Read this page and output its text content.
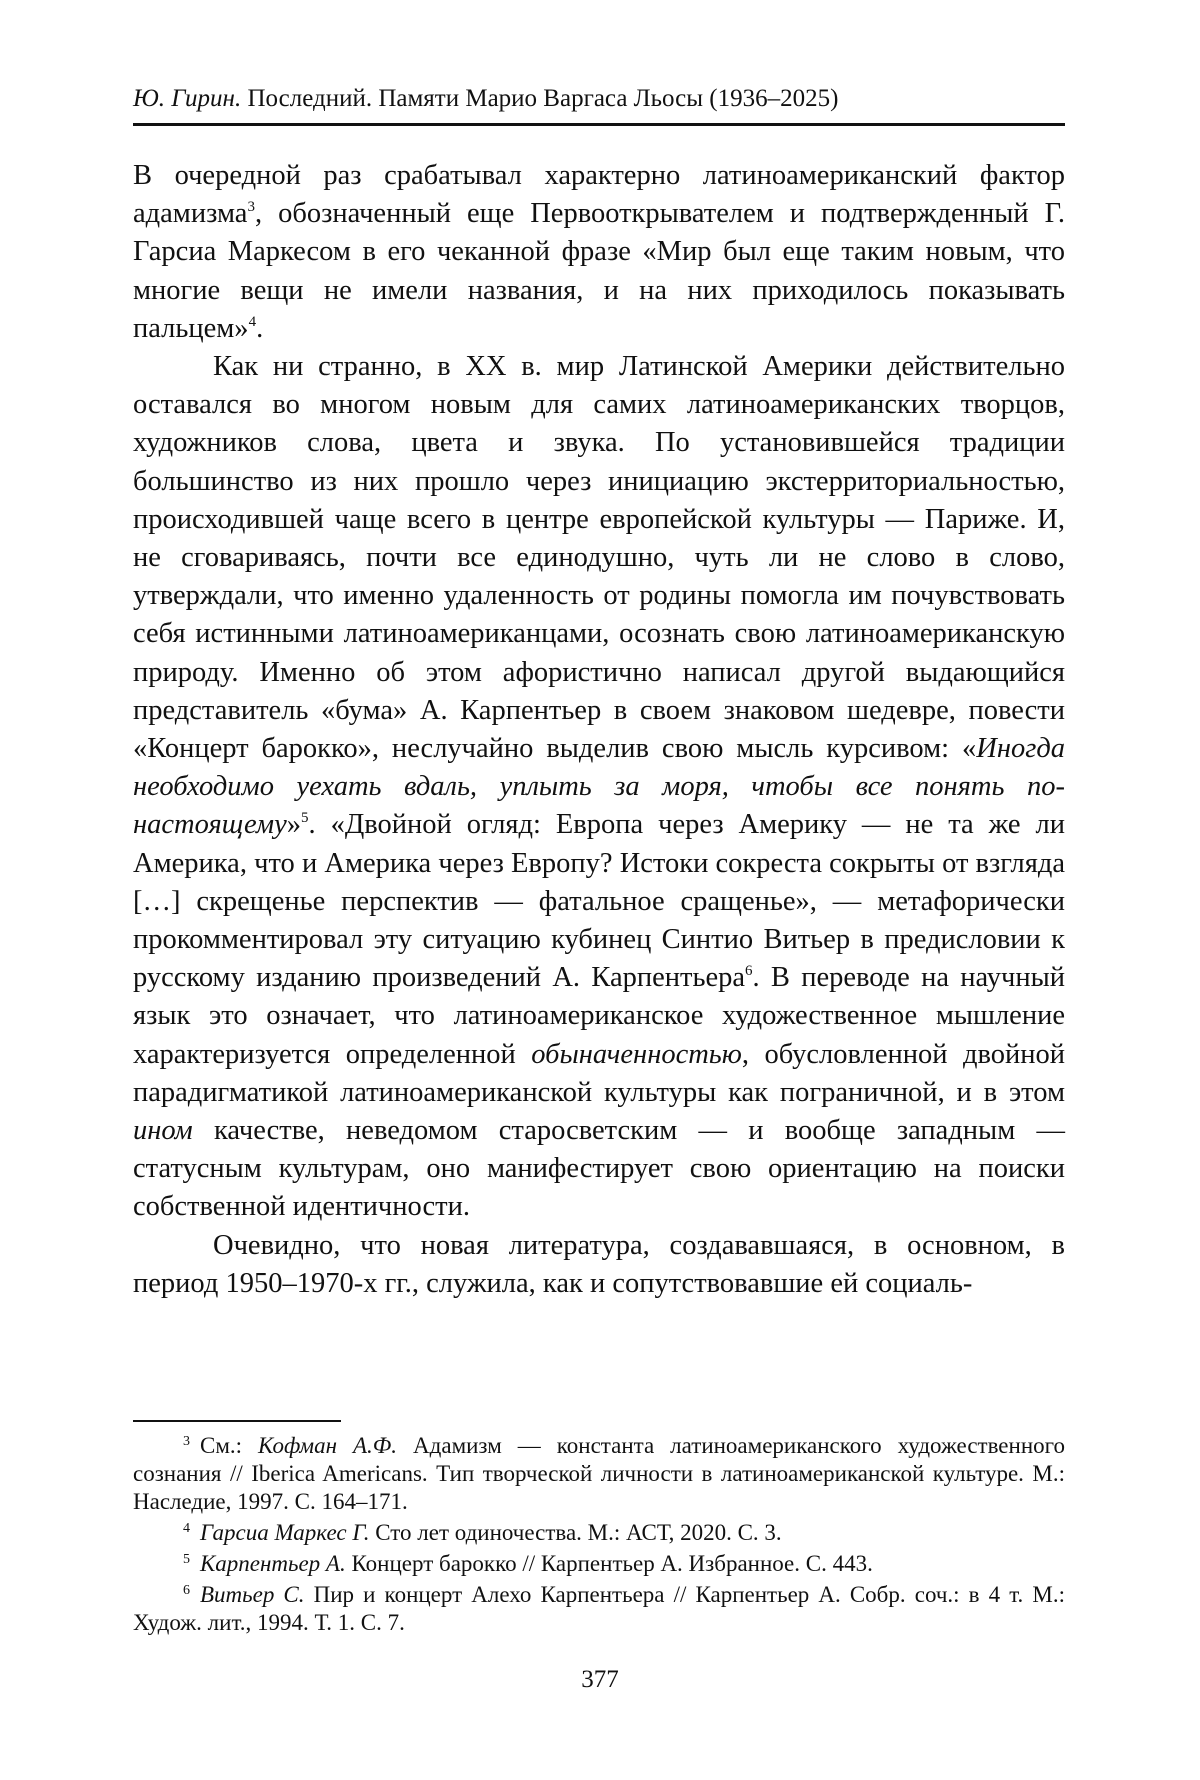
Ю. Гирин. Последний. Памяти Марио Варгаса Льосы (1936–2025)

В очередной раз срабатывал характерно латиноамериканский фактор адамизма$^3$, обозначенный еще Первооткрывателем и подтвержденный Г. Гарсиа Маркесом в его чеканной фразе «Мир был еще таким новым, что многие вещи не имели названия, и на них приходилось показывать пальцем»$^4$.

Как ни странно, в XX в. мир Латинской Америки действительно оставался во многом новым для самих латиноамериканских творцов, художников слова, цвета и звука. По установившейся традиции большинство из них прошло через инициацию экстерриториальностью, происходившей чаще всего в центре европейской культуры — Париже. И, не сговариваясь, почти все единодушно, чуть ли не слово в слово, утверждали, что именно удаленность от родины помогла им почувствовать себя истинными латиноамериканцами, осознать свою латиноамериканскую природу. Именно об этом афористично написал другой выдающийся представитель «бума» А. Карпентьер в своем знаковом шедевре, повести «Концерт барокко», неслучайно выделив свою мысль курсивом: «Иногда необходимо уехать вдаль, уплыть за моря, чтобы все понять по-настоящему»$^5$. «Двойной огляд: Европа через Америку — не та же ли Америка, что и Америка через Европу? Истоки сокреста сокрыты от взгляда […] скрещенье перспектив — фатальное сращенье», — метафорически прокомментировал эту ситуацию кубинец Синтио Витьер в предисловии к русскому изданию произведений А. Карпентьера$^6$. В переводе на научный язык это означает, что латиноамериканское художественное мышление характеризуется определенной обыначенностью, обусловленной двойной парадигматикой латиноамериканской культуры как пограничной, и в этом ином качестве, неведомом старосветским — и вообще западным — статусным культурам, оно манифестирует свою ориентацию на поиски собственной идентичности.

Очевидно, что новая литература, создававшаяся, в основном, в период 1950–1970-х гг., служила, как и сопутствовавшие ей социаль-

$^3$ См.: Кофман А.Ф. Адамизм — константа латиноамериканского художественного сознания // Iberica Americans. Тип творческой личности в латиноамериканской культуре. М.: Наследие, 1997. С. 164–171.

$^4$ Гарсиа Маркес Г. Сто лет одиночества. М.: АСТ, 2020. С. 3.

$^5$ Карпентьер А. Концерт барокко // Карпентьер А. Избранное. С. 443.

$^6$ Витьер С. Пир и концерт Алехо Карпентьера // Карпентьер А. Собр. соч.: в 4 т. М.: Худож. лит., 1994. Т. 1. С. 7.

377
